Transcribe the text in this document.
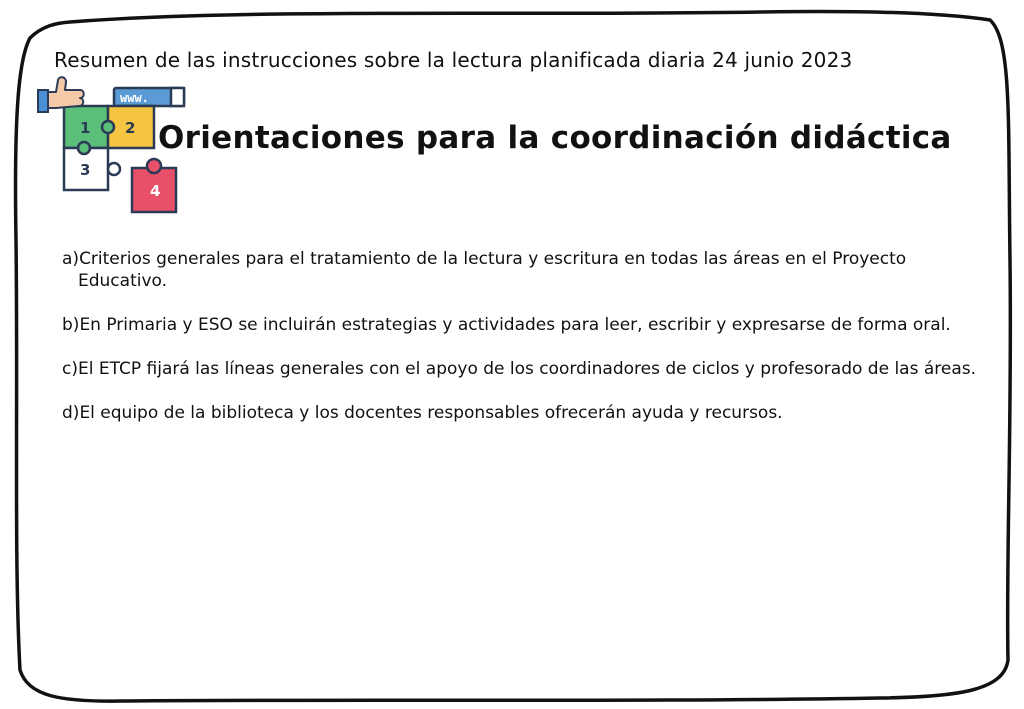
Resumen de las instrucciones sobre la lectura planificada diaria 24 junio 2023
www.
1 2
3
4
Orientaciones para la coordinación didáctica
a)Criterios generales para el tratamiento de la lectura y escritura en todas las áreas en el Proyecto Educativo.
b)En Primaria y ESO se incluirán estrategias y actividades para leer, escribir y expresarse de forma oral.
c)El ETCP fijará las líneas generales con el apoyo de los coordinadores de ciclos y profesorado de las áreas.
d)El equipo de la biblioteca y los docentes responsables ofrecerán ayuda y recursos.
